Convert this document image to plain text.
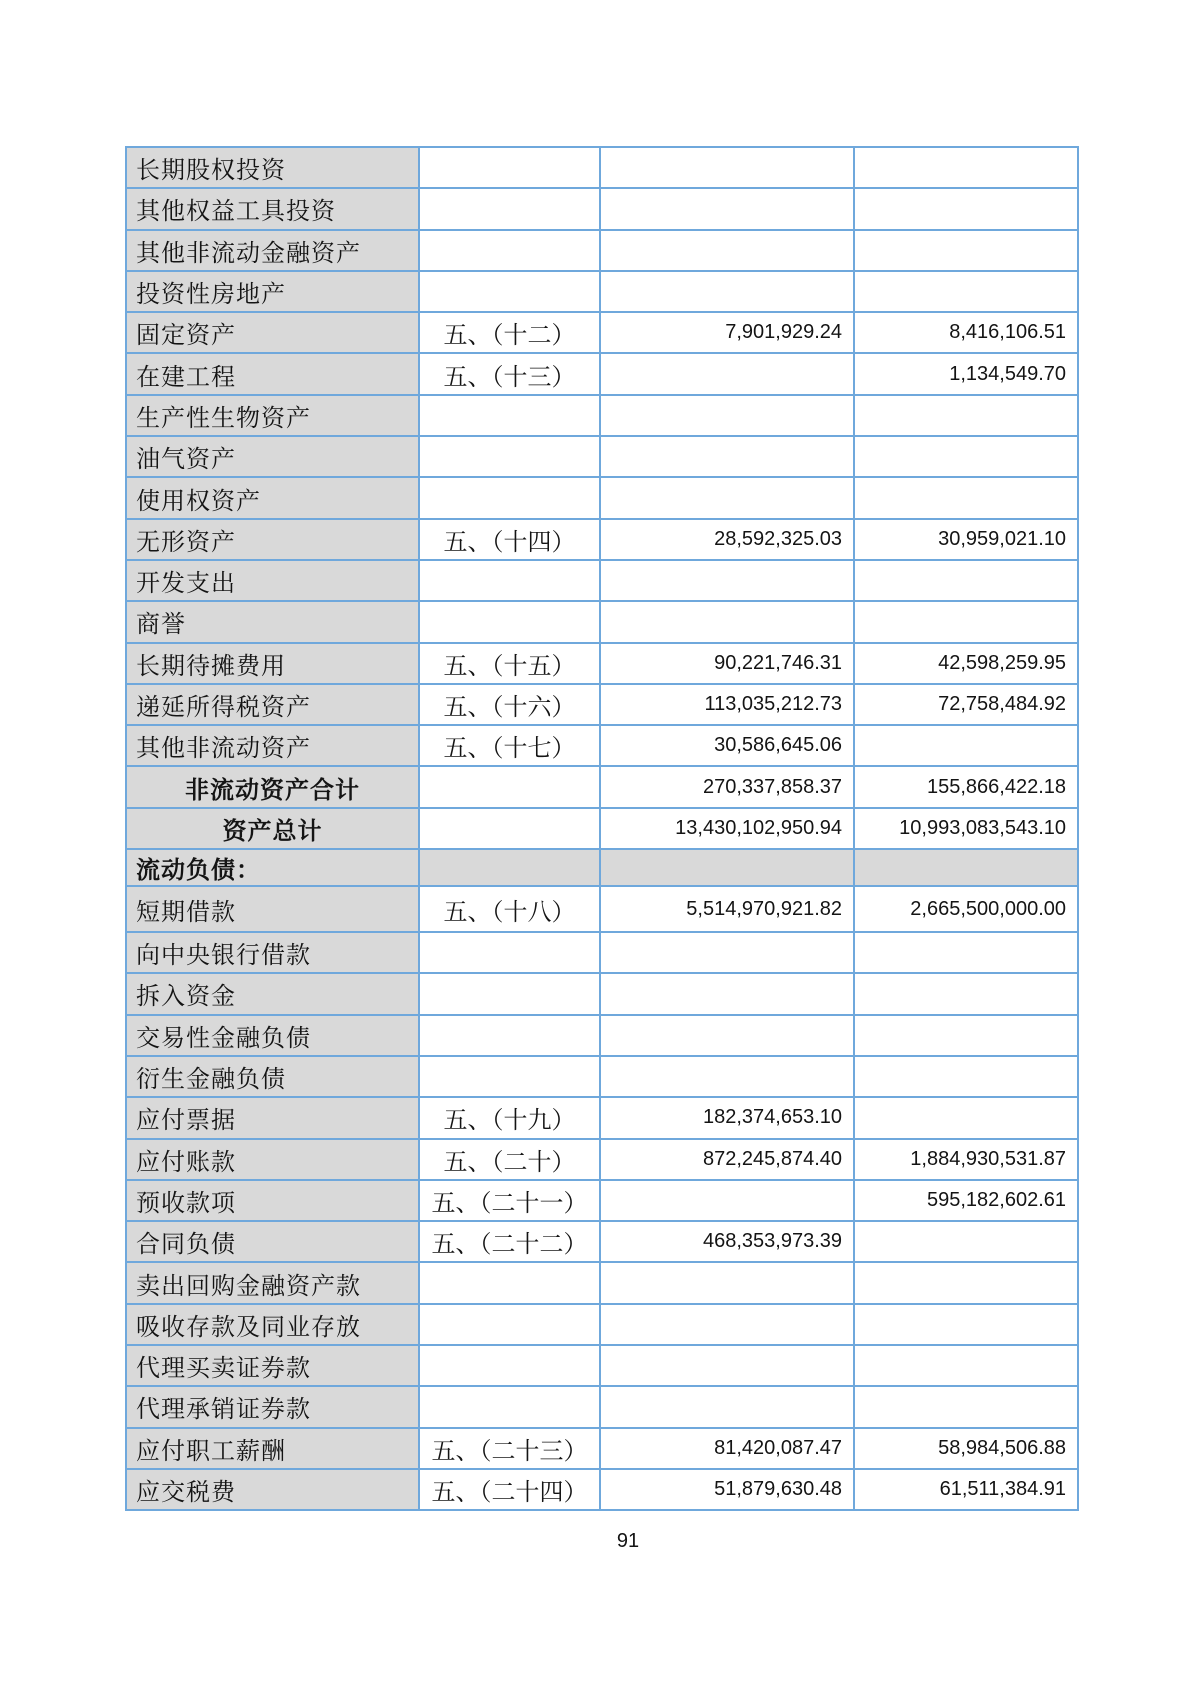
长期股权投资			
其他权益工具投资			
其他非流动金融资产			
投资性房地产			
固定资产	五、（十二）	7,901,929.24	8,416,106.51
在建工程	五、（十三）		1,134,549.70
生产性生物资产			
油气资产			
使用权资产			
无形资产	五、（十四）	28,592,325.03	30,959,021.10
开发支出			
商誉			
长期待摊费用	五、（十五）	90,221,746.31	42,598,259.95
递延所得税资产	五、（十六）	113,035,212.73	72,758,484.92
其他非流动资产	五、（十七）	30,586,645.06	
非流动资产合计		270,337,858.37	155,866,422.18
资产总计		13,430,102,950.94	10,993,083,543.10
流动负债：			
短期借款	五、（十八）	5,514,970,921.82	2,665,500,000.00
向中央银行借款			
拆入资金			
交易性金融负债			
衍生金融负债			
应付票据	五、（十九）	182,374,653.10	
应付账款	五、（二十）	872,245,874.40	1,884,930,531.87
预收款项	五、（二十一）		595,182,602.61
合同负债	五、（二十二）	468,353,973.39	
卖出回购金融资产款			
吸收存款及同业存放			
代理买卖证券款			
代理承销证券款			
应付职工薪酬	五、（二十三）	81,420,087.47	58,984,506.88
应交税费	五、（二十四）	51,879,630.48	61,511,384.91
91
